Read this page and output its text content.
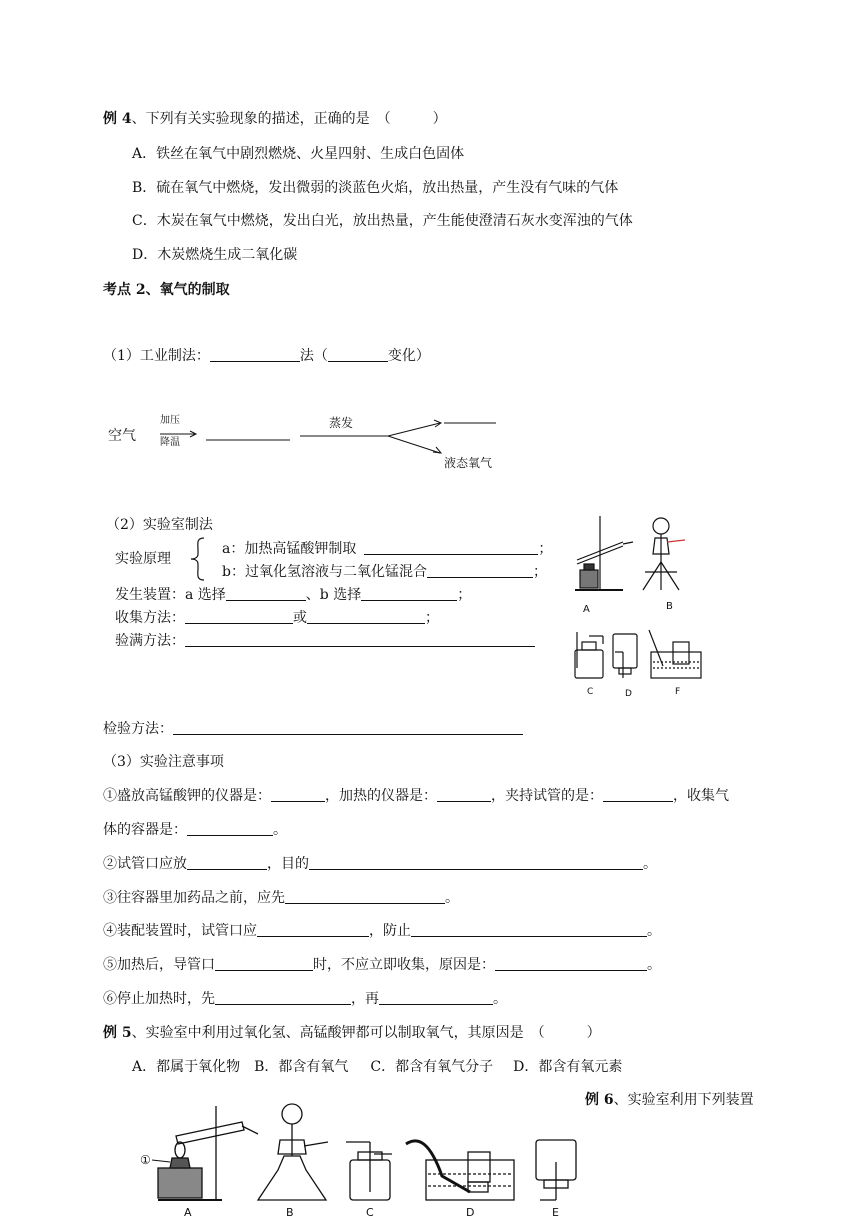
例 4、下列有关实验现象的描述，正确的是　（　　　）
A．铁丝在氧气中剧烈燃烧、火星四射、生成白色固体
B．硫在氧气中燃烧，发出微弱的淡蓝色火焰，放出热量，产生没有气味的气体
C．木炭在氧气中燃烧，发出白光，放出热量，产生能使澄清石灰水变浑浊的气体
D．木炭燃烧生成二氧化碳
考点 2、氧气的制取
（1）工业制法：	法（	变化）
空气
加压
降温
蒸发
液态氧气
（2）实验室制法
实验原理
a：加热高锰酸钾制取	；
b：过氧化氢溶液与二氧化锰混合	；
发生装置：a 选择	、b 选择	；
收集方法：	或	；
验满方法：
A	B
C	D	F
检验方法：
（3）实验注意事项
①盛放高锰酸钾的仪器是：	，加热的仪器是：	，夹持试管的是：	，收集气
体的容器是：	。
②试管口应放	，目的	。
③往容器里加药品之前，应先	。
④装配装置时，试管口应	，防止	。
⑤加热后，导管口	时，不应立即收集，原因是：	。
⑥停止加热时，先	，再	。
例 5、实验室中利用过氧化氢、高锰酸钾都可以制取氧气，其原因是　（　　　）
A．都属于氧化物 B．都含有氧气 C．都含有氧气分子 D．都含有氧元素
例 6、实验室利用下列装置
①
A	B	C	D	E
